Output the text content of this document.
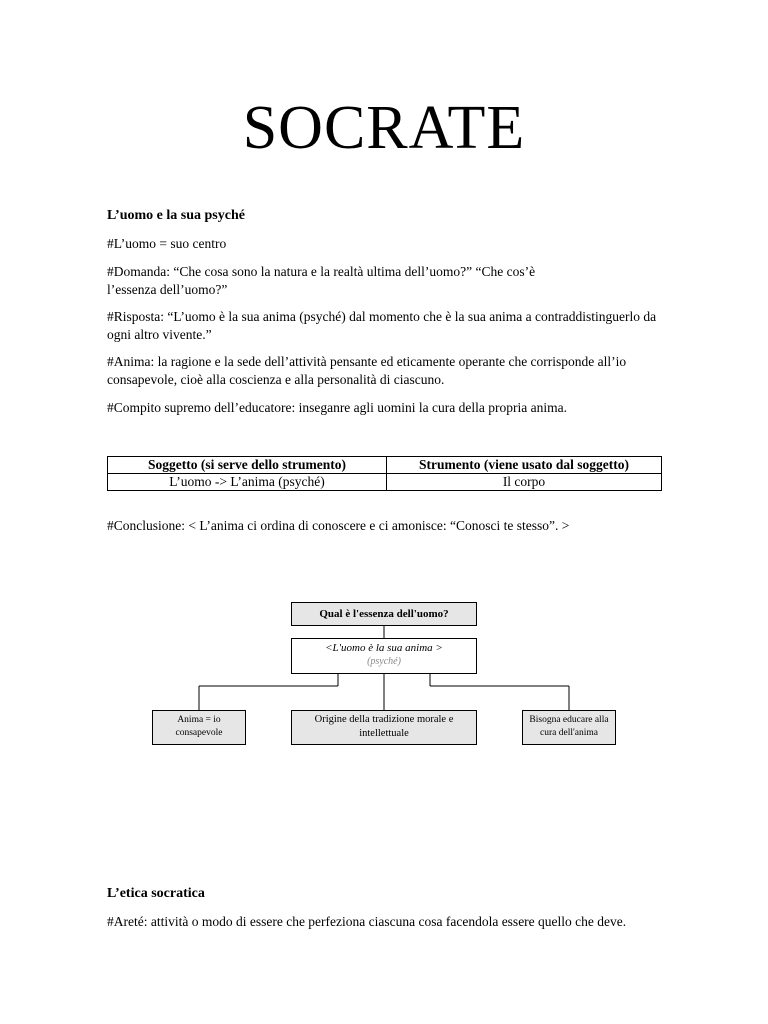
SOCRATE
L’uomo e la sua psyché
#L’uomo = suo centro
#Domanda: “Che cosa sono la natura e la realtà ultima dell’uomo?” “Che cos’èl’essenza dell’uomo?”
#Risposta: “L’uomo è la sua anima (psyché) dal momento che è la sua anima a contraddistinguerlo da ogni altro vivente.”
#Anima: la ragione e la sede dell’attività pensante ed eticamente operante che corrisponde all’io consapevole, cioè alla coscienza e alla personalità di ciascuno.
#Compito supremo dell’educatore: inseganre agli uomini la cura della propria anima.
Soggetto (si serve dello strumento)	Strumento (viene usato dal soggetto)
L’uomo -> L’anima (psyché)	Il corpo
#Conclusione: < L’anima ci ordina di conoscere e ci amonisce: “Conosci te stesso”. >
Qual è l'essenza dell'uomo?
<L'uomo è la sua anima >
(psyché)
Anima = io consapevole
Origine della tradizione morale e intellettuale
Bisogna educare alla cura dell'anima
L’etica socratica
#Areté: attività o modo di essere che perfeziona ciascuna cosa facendola essere quello che deve.
